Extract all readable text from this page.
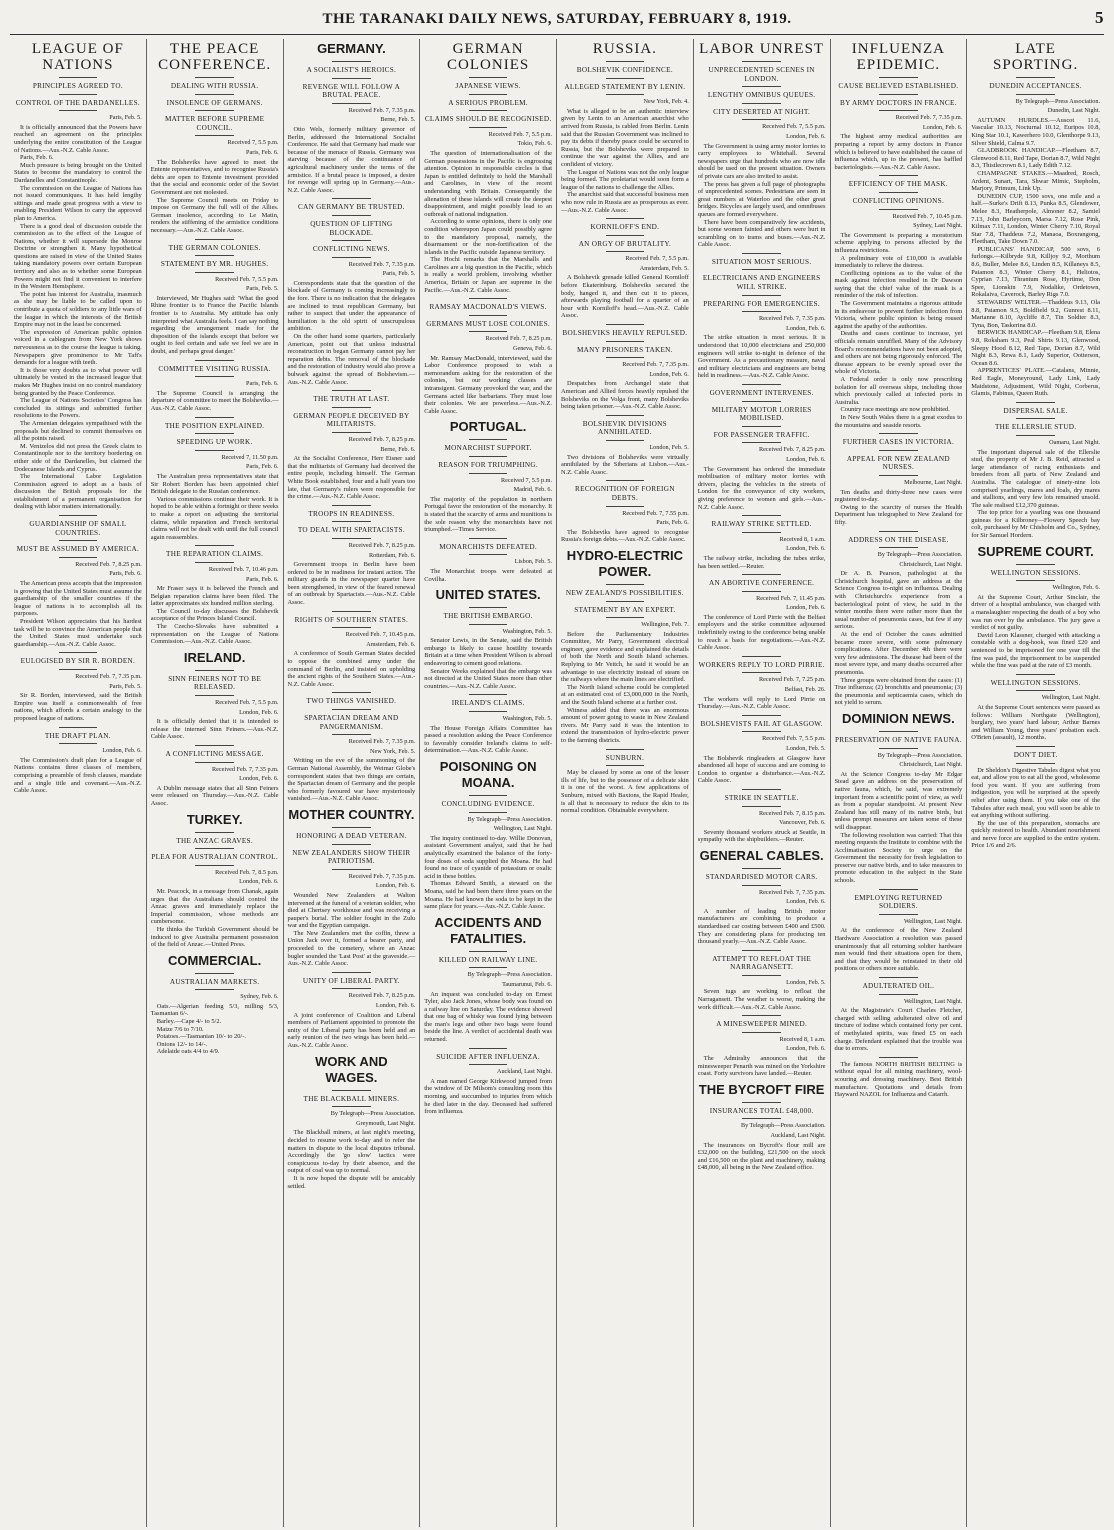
THE TARANAKI DAILY NEWS, SATURDAY, FEBRUARY 8, 1919.	5
LEAGUE OF NATIONS
PRINCIPLES AGREED TO.
CONTROL OF THE DARDANELLES.
Paris, Feb. 5.

It is officially announced that the Powers have reached an agreement on the principles underlying the entire constitution of the League of Nations.—Aus.-N.Z. Cable Assoc.

Paris, Feb. 6.

Much pressure is being brought on the United States to become the mandatory to control the Dardanelles and Constantinople.

The commission on the League of Nations has not issued communiques. It has held lengthy sittings and made great progress with a view to enabling President Wilson to carry the approved plan to America.

There is a good deal of discussion outside the commission as to the effect of the League of Nations, whether it will supersede the Monroe Doctrine or strengthen it. Many hypothetical questions are raised in view of the United States taking mandatory powers over certain European territory and also as to whether some European Powers might not find it convenient to interfere in the Western Hemisphere.

The point has interest for Australia, inasmuch as she may be liable to be called upon to contribute a quota of soldiers to any little wars of the league in which the interests of the British Empire may not in the least be concerned.

The expression of American public opinion voiced in a cablegram from New York shows nervousness as to the course the league is taking. Newspapers give prominence to Mr Taft's demands for a league with teeth.

It is those very doubts as to what power will ultimately be vested in the increased league that makes Mr Hughes insist on no control mandatory being granted by the Peace Conference.

The League of Nations Societies' Congress has concluded its sittings and submitted further resolutions to the Powers.

The Armenian delegates sympathised with the proposals but declined to commit themselves on all the points raised.

M. Venizelos did not press the Greek claim to Constantinople nor to the territory bordering on either side of the Dardanelles, but claimed the Dodecanese Islands and Cyprus.

The International Labor Legislation Commission agreed to adopt as a basis of discussion the British proposals for the establishment of a permanent organisation for dealing with labor matters internationally.

GUARDIANSHIP OF SMALL COUNTRIES.
MUST BE ASSUMED BY AMERICA.
Received Feb. 7, 8.25 p.m.
Paris, Feb. 6.

The American press accepts that the impression is growing that the United States must assume the guardianship of the smaller countries if the league of nations is to accomplish all its purposes.

President Wilson appreciates that his hardest task will be to convince the American people that the United States must undertake such guardianship.—Aus.-N.Z. Cable Assoc.

EULOGISED BY SIR R. BORDEN.
Received Feb. 7, 7.35 p.m.
Paris, Feb. 5.

Sir R. Borden, interviewed, said the British Empire was itself a commonwealth of free nations, which affords a certain analogy to the proposed league of nations.

THE DRAFT PLAN.
London, Feb. 6.

The Commission's draft plan for a League of Nations contains three classes of members, comprising a preamble of fresh clauses, mandate and a single title and covenant.—Aus.-N.Z. Cable Assoc.

THE PEACE CONFERENCE.
DEALING WITH RUSSIA.
INSOLENCE OF GERMANS.
MATTER BEFORE SUPREME COUNCIL.
Received 7, 5.5 p.m.
Paris, Feb. 6.

The Bolsheviks have agreed to meet the Entente representatives, and to recognise Russia's debts are open to Entente investment provided that the social and economic order of the Soviet Government are not molested.

The Supreme Council meets on Friday to impose on Germany the full will of the Allies. German insolence, according to Le Matin, renders the stiffening of the armistice conditions necessary.—Aus.-N.Z. Cable Assoc.

THE GERMAN COLONIES.
STATEMENT BY MR. HUGHES.
Received Feb. 7, 5.5 p.m.
Paris, Feb. 5.

Interviewed, Mr Hughes said: 'What the good Rhine frontier is to France the Pacific Islands frontier is to Australia. My attitude has only interpreted what Australia feels. I can say nothing regarding the arrangement made for the disposition of the islands except that before we ought to feel certain and safe we feel we are in doubt, and perhaps great danger.'

COMMITTEE VISITING RUSSIA.
Paris, Feb. 6.

The Supreme Council is arranging the departure of committee to meet the Bolsheviks.—Aus.-N.Z. Cable Assoc.

THE POSITION EXPLAINED.
SPEEDING UP WORK.
Received 7, 11.50 p.m.
Paris, Feb. 6.

The Australian press representatives state that Sir Robert Borden has been appointed chief British delegate to the Russian conference.

Various commissions continue their work. It is hoped to be able within a fortnight or three weeks to make a report on adjusting the territorial claims, while reparation and French territorial claims will not be dealt with until the full council again reassembles.

THE REPARATION CLAIMS.
Received Feb. 7, 10.46 p.m.
Paris, Feb. 6.

Mr Fraser says it is believed the French and Belgian reparation claims have been filed. The latter approximates six hundred million sterling.

The Council to-day discusses the Bolshevik acceptance of the Princes Island Council.

The Czecho-Slovaks have submitted a representation on the League of Nations Commission.—Aus.-N.Z. Cable Assoc.

IRELAND.
SINN FEINERS NOT TO BE RELEASED.
Received Feb. 7, 5.5 p.m.
London, Feb. 6.

It is officially denied that it is intended to release the interned Sinn Feiners.—Aus.-N.Z. Cable Assoc.

A CONFLICTING MESSAGE.
Received Feb. 7, 7.35 p.m.
London, Feb. 6.

A Dublin message states that all Sinn Feiners were released on Thursday.—Aus.-N.Z. Cable Assoc.

TURKEY.
THE ANZAC GRAVES.
PLEA FOR AUSTRALIAN CONTROL.
Received Feb. 7, 8.5 p.m.
London, Feb. 6.

Mr. Peacock, in a message from Chanak, again urges that the Australians should control the Anzac graves and immediately replace the Imperial commission, whose methods are cumbersome.

He thinks the Turkish Government should be induced to give Australia permanent possession of the field of Anzac.—United Press.

COMMERCIAL.
AUSTRALIAN MARKETS.
Sydney, Feb. 6.

Oats.—Algerian feeding 5/3, milling 5/3, Tasmanian 6/-.

Barley.—Cape 4/- to 5/2.

Maize 7/6 to 7/10.

Potatoes.—Tasmanian 10/- to 20/-.

Onions 12/- to 14/-.

Adelaide oats 4/4 to 4/9.

GERMANY.
A SOCIALIST'S HEROICS.
REVENGE WILL FOLLOW A BRUTAL PEACE.
Received Feb. 7, 7.35 p.m.
Berne, Feb. 5.

Otto Wels, formerly military governor of Berlin, addressed the International Socialist Conference. He said that Germany had made war because of the menace of Russia. Germany was starving because of the continuance of agricultural machinery under the terms of the armistice. If a brutal peace is imposed, a desire for revenge will spring up in Germany.—Aus.-N.Z. Cable Assoc.

CAN GERMANY BE TRUSTED.
QUESTION OF LIFTING BLOCKADE.
CONFLICTING NEWS.
Received Feb. 7, 7.35 p.m.
Paris, Feb. 5.

Correspondents state that the question of the blockade of Germany is coming increasingly to the fore. There is no indication that the delegates are inclined to trust republican Germany, but rather to suspect that under the appearance of humiliation is the old spirit of unscrupulous ambition.

On the other hand some quarters, particularly American, point out that unless industrial reconstruction in began Germany cannot pay her reparation debts. The removal of the blockade and the restoration of industry would also prove a bulwark against the spread of Bolshevism.—Aus.-N.Z. Cable Assoc.

THE TRUTH AT LAST.
GERMAN PEOPLE DECEIVED BY MILITARISTS.
Received Feb. 7, 8.25 p.m.
Berne, Feb. 6.

At the Socialist Conference, Herr Eisner said that the militarists of Germany had deceived the entire people, including himself. The German White Book established, four and a half years too late, that Germany's rulers were responsible for the crime.—Aus.-N.Z. Cable Assoc.

TROOPS IN READINESS.
TO DEAL WITH SPARTACISTS.
Received Feb. 7, 8.25 p.m.
Rotterdam, Feb. 6.

Government troops in Berlin have been ordered to be in readiness for instant action. The military guards in the newspaper quarter have been strengthened, in view of the feared renewal of an outbreak by Spartacists.—Aus.-N.Z. Cable Assoc.

RIGHTS OF SOUTHERN STATES.
Received Feb. 7, 10.45 p.m.
Amsterdam, Feb. 6.

A conference of South German States decided to oppose the combined army under the command of Berlin, and insisted on upholding the ancient rights of the Southern States.—Aus.-N.Z. Cable Assoc.

TWO THINGS VANISHED.
SPARTACIAN DREAM AND PANGERMANISM.
Received Feb. 7, 7.35 p.m.
New York, Feb. 5.

Writing on the eve of the summoning of the German National Assembly, the Weimar Globe's correspondent states that two things are certain, the Spartacian dream of Germany and the people who formerly favoured war have mysteriously vanished.—Aus.-N.Z. Cable Assoc.

MOTHER COUNTRY.
HONORING A DEAD VETERAN.
NEW ZEALANDERS SHOW THEIR PATRIOTISM.
Received Feb. 7, 7.35 p.m.
London, Feb. 6.

Wounded New Zealanders at Walton intervened at the funeral of a veteran soldier, who died at Chertsey workhouse and was receiving a pauper's burial. The soldier fought in the Zulu war and the Egyptian campaign.

The New Zealanders met the coffin, threw a Union Jack over it, formed a bearer party, and proceeded to the cemetery, where an Anzac bugler sounded the 'Last Post' at the graveside.—Aus.-N.Z. Cable Assoc.

UNITY OF LIBERAL PARTY.
Received Feb. 7, 8.25 p.m.
London, Feb. 6.

A joint conference of Coalition and Liberal members of Parliament appointed to promote the unity of the Liberal party has been held and an early reunion of the two wings has been held.—Aus.-N.Z. Cable Assoc.

WORK AND WAGES.
THE BLACKBALL MINERS.
By Telegraph—Press Association.
Greymouth, Last Night.

The Blackball miners, at last night's meeting, decided to resume work to-day and to refer the matters in dispute to the local disputes tribunal. Accordingly the 'go slow' tactics were conspicuous to-day by their absence, and the output of coal was up to normal.

It is now hoped the dispute will be amicably settled.

GERMAN COLONIES
JAPANESE VIEWS.
A SERIOUS PROBLEM.
CLAIMS SHOULD BE RECOGNISED.
Received Feb. 7, 5.5 p.m.
Tokio, Feb. 6.

The question of internationalisation of the German possessions in the Pacific is engrossing attention. Opinion in responsible circles is that Japan is entitled definitely to hold the Marshall and Carolines, in view of the recent understanding with Britain. Consequently the alienation of these islands will create the deepest disappointment, and might possibly lead to an outbreak of national indignation.

According to some opinions, there is only one condition whereupon Japan could possibly agree to the mandatory proposal, namely, the disarmament or the non-fortification of the islands in the Pacific outside Japanese territory.

The Hochi remarks that the Marshalls and Carolines are a big question in the Pacific, which is really a world problem, involving whether America, Britain or Japan are supreme in the Pacific.—Aus.-N.Z. Cable Assoc.

RAMSAY MACDONALD'S VIEWS.
GERMANS MUST LOSE COLONIES.
Received Feb. 7, 8.25 p.m.
Geneva, Feb. 6.

Mr. Ramsay MacDonald, interviewed, said the Labor Conference proposed to wish a memorandum asking for the restoration of the colonies, but our working classes are intransigent. Germany provoked the war, and the Germans acted like barbarians. They must lose their colonies. We are powerless.—Aus.-N.Z. Cable Assoc.

PORTUGAL.
MONARCHIST SUPPORT.
REASON FOR TRIUMPHING.
Received 7, 5.5 p.m.
Madrid, Feb. 6.

The majority of the population in northern Portugal favor the restoration of the monarchy. It is stated that the scarcity of arms and munitions is the sole reason why the monarchists have not triumphed.—Times Service.

MONARCHISTS DEFEATED.
Lisbon, Feb. 5.

The Monarchist troops were defeated at Covilha.

UNITED STATES.
THE BRITISH EMBARGO.
Washington, Feb. 5.

Senator Lewis, in the Senate, said the British embargo is likely to cause hostility towards Britain at a time when President Wilson is abroad endeavoring to cement good relations.

Senator Weeks explained that the embargo was not directed at the United States more than other countries.—Aus.-N.Z. Cable Assoc.

IRELAND'S CLAIMS.
Washington, Feb. 5.

The House Foreign Affairs Committee has passed a resolution asking the Peace Conference to favorably consider Ireland's claims to self-determination.—Aus.-N.Z. Cable Assoc.

POISONING ON MOANA.
CONCLUDING EVIDENCE.
By Telegraph—Press Association.
Wellington, Last Night.

The inquiry continued to-day. Willie Donovan, assistant Government analyst, said that he had analytically examined the balance of the forty-four doses of soda supplied the Moana. He had found no trace of cyanide of potassium or oxalic acid in these bottles.

Thomas Edward Smith, a steward on the Moana, said he had been there three years on the Moana. He had known the soda to be kept in the same place for years.—Aus.-N.Z. Cable Assoc.

ACCIDENTS AND FATALITIES.
KILLED ON RAILWAY LINE.
By Telegraph—Press Association.
Taumarunui, Feb. 6.

An inquest was concluded to-day on Ernest Tyler, also Jack Jones, whose body was found on a railway line on Saturday. The evidence showed that one bag of whisky was found lying between the man's legs and other two bags were found beside the line. A verdict of accidental death was returned.

SUICIDE AFTER INFLUENZA.
Auckland, Last Night.

A man named George Kirkwood jumped from the window of Dr Milsom's consulting room this morning, and succumbed to injuries from which he died later in the day. Deceased had suffered from influenza.

RUSSIA.
BOLSHEVIK CONFIDENCE.
ALLEGED STATEMENT BY LENIN.
New York, Feb. 4.

What is alleged to be an authentic interview given by Lenin to an American anarchist who arrived from Russia, is cabled from Berlin. Lenin said that the Russian Government was inclined to pay its debts if thereby peace could be secured to Russia, but the Bolsheviks were prepared to continue the war against the Allies, and are confident of victory.

The League of Nations was not the only league being formed. The proletariat would soon form a league of the nations to challenge the Allies.

The anarchist said that successful business men who now rule in Russia are as prosperous as ever.—Aus.-N.Z. Cable Assoc.

KORNILOFF'S END.
AN ORGY OF BRUTALITY.
Received Feb. 7, 5.5 p.m.
Amsterdam, Feb. 5.

A Bolshevik grenade killed General Korniloff before Ekaterinburg. Bolsheviks secured the body, hanged it, and then cut it to pieces, afterwards playing football for a quarter of an hour with Korniloff's head.—Aus.-N.Z. Cable Assoc.

BOLSHEVIKS HEAVILY REPULSED.
MANY PRISONERS TAKEN.
Received Feb. 7, 7.35 p.m.
London, Feb. 6.

Despatches from Archangel state that American and Allied forces heavily repulsed the Bolsheviks on the Volga front, many Bolsheviks being taken prisoner.—Aus.-N.Z. Cable Assoc.

BOLSHEVIK DIVISIONS ANNIHILATED.
London, Feb. 5.

Two divisions of Bolsheviks were virtually annihilated by the Siberians at Lisbon.—Aus.-N.Z. Cable Assoc.

RECOGNITION OF FOREIGN DEBTS.
Received Feb. 7, 7.55 p.m.
Paris, Feb. 6.

The Bolsheviks have agreed to recognise Russia's foreign debts.—Aus.-N.Z. Cable Assoc.

HYDRO-ELECTRIC POWER.
NEW ZEALAND'S POSSIBILITIES.
STATEMENT BY AN EXPERT.
Wellington, Feb. 7.

Before the Parliamentary Industries Committee, Mr Parry, Government electrical engineer, gave evidence and explained the details of both the North and South Island schemes. Replying to Mr Veitch, he said it would be an advantage to use electricity instead of steam on the railways where the main lines are electrified.

The North Island scheme could be completed at an estimated cost of £3,000,000 in the North, and the South Island scheme at a further cost.

Witness added that there was an enormous amount of power going to waste in New Zealand rivers. Mr Parry said it was the intention to extend the transmission of hydro-electric power to the farming districts.

SUNBURN.

May be classed by some as one of the lesser ills of life, but to the possessor of a delicate skin it is one of the worst. A few applications of Sunburn, mixed with Baxtons, the Rapid Healer, is all that is necessary to reduce the skin to its normal condition. Obtainable everywhere.

LABOR UNREST
UNPRECEDENTED SCENES IN LONDON.
LENGTHY OMNIBUS QUEUES.
CITY DESERTED AT NIGHT.
Received Feb. 7, 5.5 p.m.
London, Feb. 6.

The Government is using army motor lorries to carry employees to Whitehall. Several newspapers urge that hundreds who are now idle should be used on the present situation. Owners of private cars are also invited to assist.

The press has given a full page of photographs of unprecedented scenes. Pedestrians are seen in great numbers at Waterloo and the other great bridges. Bicycles are largely used, and omnibuses queues are formed everywhere.

There have been comparatively few accidents, but some women fainted and others were hurt in scrambling on to trams and buses.—Aus.-N.Z. Cable Assoc.

SITUATION MOST SERIOUS.
ELECTRICIANS AND ENGINEERS WILL STRIKE.
PREPARING FOR EMERGENCIES.
Received Feb. 7, 7.35 p.m.
London, Feb. 6.

The strike situation is most serious. It is understood that 10,000 electricians and 250,000 engineers will strike to-night in defence of the Government. As a precautionary measure, naval and military electricians and engineers are being held in readiness.—Aus.-N.Z. Cable Assoc.

GOVERNMENT INTERVENES.
MILITARY MOTOR LORRIES MOBILISED.
FOR PASSENGER TRAFFIC.
Received Feb. 7, 8.25 p.m.
London, Feb. 6.

The Government has ordered the immediate mobilisation of military motor lorries with drivers, placing the vehicles in the streets of London for the conveyance of city workers, giving preference to women and girls.—Aus.-N.Z. Cable Assoc.

RAILWAY STRIKE SETTLED.
Received 8, 1 a.m.
London, Feb. 6.

The railway strike, including the tubes strike, has been settled.—Reuter.

AN ABORTIVE CONFERENCE.
Received Feb. 7, 11.45 p.m.
London, Feb. 6.

The conference of Lord Pirrie with the Belfast employers and the strike committee adjourned indefinitely owing to the conference being unable to reach a basis for negotiations.—Aus.-N.Z. Cable Assoc.

WORKERS REPLY TO LORD PIRRIE.
Received Feb. 7, 7.25 p.m.
Belfast, Feb. 26.

The workers will reply to Lord Pirrie on Thursday.—Aus.-N.Z. Cable Assoc.

BOLSHEVISTS FAIL AT GLASGOW.
Received Feb. 7, 5.5 p.m.
London, Feb. 5.

The Bolshevik ringleaders at Glasgow have abandoned all hope of success and are coming to London to organise a disturbance.—Aus.-N.Z. Cable Assoc.

STRIKE IN SEATTLE.
Received Feb. 7, 8.15 p.m.
Vancouver, Feb. 6.

Seventy thousand workers struck at Seattle, in sympathy with the shipbuilders.—Reuter.

GENERAL CABLES.
STANDARDISED MOTOR CARS.
Received Feb. 7, 7.35 p.m.
London, Feb. 6.

A number of leading British motor manufacturers are combining to produce a standardised car costing between £400 and £500. They are considering plans for producing ten thousand yearly.—Aus.-N.Z. Cable Assoc.

ATTEMPT TO REFLOAT THE NARRAGANSETT.
London, Feb. 5.

Seven tugs are working to refloat the Narragansett. The weather is worse, making the work difficult.—Aus.-N.Z. Cable Assoc.

A MINESWEEPER MINED.
Received 8, 1 a.m.
London, Feb. 6.

The Admiralty announces that the minesweeper Penarth was mined on the Yorkshire coast. Forty survivors have landed.—Reuter.

THE BYCROFT FIRE
INSURANCES TOTAL £48,000.
By Telegraph—Press Association.
Auckland, Last Night.

The insurances on Bycroft's flour mill are £32,000 on the building, £21,500 on the stock and £16,500 on the plant and machinery, making £48,000, all being in the New Zealand office.

INFLUENZA EPIDEMIC.
CAUSE BELIEVED ESTABLISHED.
BY ARMY DOCTORS IN FRANCE.
Received Feb. 7, 7.35 p.m.
London, Feb. 6.

The highest army medical authorities are preparing a report by army doctors in France which is believed to have established the cause of influenza which, up to the present, has baffled bacteriologists.—Aus.-N.Z. Cable Assoc.

EFFICIENCY OF THE MASK.
CONFLICTING OPINIONS.
Received Feb. 7, 10.45 p.m.
Sydney, Last Night.

The Government is preparing a moratorium scheme applying to persons affected by the influenza restrictions.

A preliminary vote of £10,000 is available immediately to relieve the distress.

Conflicting opinions as to the value of the mask against infection resulted in Dr Dawson saying that the chief value of the mask is a reminder of the risk of infection.

The Government maintains a rigorous attitude in its endeavour to prevent further infection from Victoria, where public opinion is being roused against the apathy of the authorities.

Deaths and cases continue to increase, yet officials remain unruffled. Many of the Advisory Board's recommendations have not been adopted, and others are not being rigorously enforced. The disease appears to be evenly spread over the whole of Victoria.

A Federal order is only now prescribing isolation for all overseas ships, including those which previously called at infected ports in Australia.

Country race meetings are now prohibited.

In New South Wales there is a great exodus to the mountains and seaside resorts.

FURTHER CASES IN VICTORIA.
APPEAL FOR NEW ZEALAND NURSES.
Melbourne, Last Night.

Ten deaths and thirty-three new cases were registered to-day.

Owing to the scarcity of nurses the Health Department has telegraphed to New Zealand for fifty.

ADDRESS ON THE DISEASE.
By Telegraph—Press Association.
Christchurch, Last Night.

Dr A. B. Pearson, pathologist at the Christchurch hospital, gave an address at the Science Congress to-night on influenza. Dealing with Christchurch's experience from a bacteriological point of view, he said in the winter months there were rather more than the usual number of pneumonia cases, but few if any serious.

At the end of October the cases admitted became more severe, with some pulmonary complications. After December 4th there were very few admissions. The disease had been of the most severe type, and many deaths occurred after pneumonia.

Three groups were obtained from the cases: (1) True influenza; (2) bronchitis and pneumonia; (3) the pneumonia and septicaemia cases, which do not yield to serum.

DOMINION NEWS.
PRESERVATION OF NATIVE FAUNA.
By Telegraph—Press Association.
Christchurch, Last Night.

At the Science Congress to-day Mr Edgar Stead gave an address on the preservation of native fauna, which, he said, was extremely important from a scientific point of view, as well as from a popular standpoint. At present New Zealand has still many of its native birds, but unless prompt measures are taken some of these will disappear.

The following resolution was carried: That this meeting requests the Institute to combine with the Acclimatisation Society to urge on the Government the necessity for fresh legislation to preserve our native birds, and to take measures to promote education in the subject in the State schools.

EMPLOYING RETURNED SOLDIERS.
Wellington, Last Night.

At the conference of the New Zealand Hardware Association a resolution was passed unanimously that all returning soldier hardware men would find their situations open for them, and that they would be reinstated in their old positions or others more suitable.

ADULTERATED OIL.
Wellington, Last Night.

At the Magistrate's Court Charles Fletcher, charged with selling adulterated olive oil and tincture of iodine which contained forty per cent. of methylated spirits, was fined £5 on each charge. Defendant explained that the trouble was due to errors.

The famous NORTH BRITISH BELTING is without equal for all mining machinery, wool-scouring and dressing machinery. Best British manufacture. Quotations and details from Hayward NAZOL for Influenza and Catarrh.

LATE SPORTING.
DUNEDIN ACCEPTANCES.
By Telegraph—Press Association.
Dunedin, Last Night.

AUTUMN HURDLES.—Auscot 11.6, Vascular 10.13, Nocturnal 10.12, Euripos 10.8, King Star 10.1, Kawerhero 10.0, Glenthorpe 9.13, Silver Shield, Calma 9.7.

GLADBROOK HANDICAP.—Fleetham 8.7, Glenwood 8.11, Red Tape, Dorian 8.7, Wild Night 8.3, Thistlecrown 8.1, Lady Edith 7.12.

CHAMPAGNE STAKES.—Maadred, Rosch, Ardent, Sunart, Tara, Shwar Mimic, Stepholm, Marjory, Primum, Link Up.

DUNEDIN CUP, 1500 sovs, one mile and a half.—Surke's Drift 8.13, Punka 8.5, Glendower, Melee 8.3, Heatherpole, Almoner 8.2, Samiel 7.13, John Barleycorn, Marsa 7.12, Rose Pink, Kilmax 7.11, London, Winter Cherry 7.10, Royal Star 7.8, Thaddeus 7.2, Manaoa, Boxrangong, Fleetham, Take Down 7.0.

PUBLICANS' HANDICAP, 500 sovs, 6 furlongs.—Kilbryde 9.8, Killjoy 9.2, Morthum 8.6, Buller, Melee 8.6, Linden 8.5, Killaneys 8.5, Paiamon 8.3, Winter Cherry 8.1, Heliotos, Cyprian 7.13, Thrantum Rose, Hyrtime, Don Spee, Lionskin 7.9, Nodalike, Ordetown, Rokalaiva, Caverock, Barley Rigs 7.0.

STEWARDS' WELTER.—Thaddeus 9.13, Ola 8.8, Paiamon 9.5, Boldfield 9.2, Gunrest 8.11, Marianne 8.10, Aycliffe 8.7, Tin Soldier 8.3, Tyna, Bon, Taskerina 8.0.

BERWICK HANDICAP.—Fleetham 9.8, Elena 9.8, Roksham 9.3, Peal Shirts 9.13, Glenwood, Sleepy Hood 8.12, Red Tape, Dorian 8.7, Wild Night 8.3, Rewa 8.1, Lady Superior, Ootterson, Ocean 8.6.

APPRENTICES' PLATE.—Catalans, Minnie, Red Eagle, Moneyround, Lady Link, Lady Maidstone, Adjustment, Wild Night, Corberus, Glamis, Fabinus, Queen Ruth.

DISPERSAL SALE.
THE ELLERSLIE STUD.
Oamaru, Last Night.

The important dispersal sale of the Ellerslie stud, the property of Mr J. B. Reid, attracted a large attendance of racing enthusiasts and breeders from all parts of New Zealand and Australia. The catalogue of ninety-nine lots comprised yearlings, mares and foals, dry mares and stallions, and very few lots remained unsold. The sale realised £12,370 guineas.

The top price for a yearling was one thousand guineas for a Kilbroney—Flowery Speech bay colt, purchased by Mr Chisholm and Co., Sydney, for Sir Samuel Hordern.

SUPREME COURT.
WELLINGTON SESSIONS.
Wellington, Feb. 6.

At the Supreme Court, Arthur Sinclair, the driver of a hospital ambulance, was charged with a manslaughter respecting the death of a boy who was run over by the ambulance. The jury gave a verdict of not guilty.

David Leon Klassner, charged with attacking a constable with a dog-hook, was fined £20 and sentenced to be imprisoned for one year till the fine was paid, the imprisonment to be suspended while the fine was paid at the rate of £3 month.

WELLINGTON SESSIONS.
Wellington, Last Night.

At the Supreme Court sentences were passed as follows: William Northgate (Wellington), burglary, two years' hard labour; Arthur Barnes and William Young, three years' probation each. O'Brien (assault), 12 months.

DON'T DIET.

Dr Sheldon's Digestive Tabules digest what you eat, and allow you to eat all the good, wholesome food you want. If you are suffering from indigestion, you will be surprised at the speedy relief after using them. If you take one of the Tabules after each meal, you will soon be able to eat anything without suffering.

By the use of this preparation, stomachs are quickly restored to health. Abundant nourishment and nerve force are supplied to the entire system. Price 1/6 and 2/6.
